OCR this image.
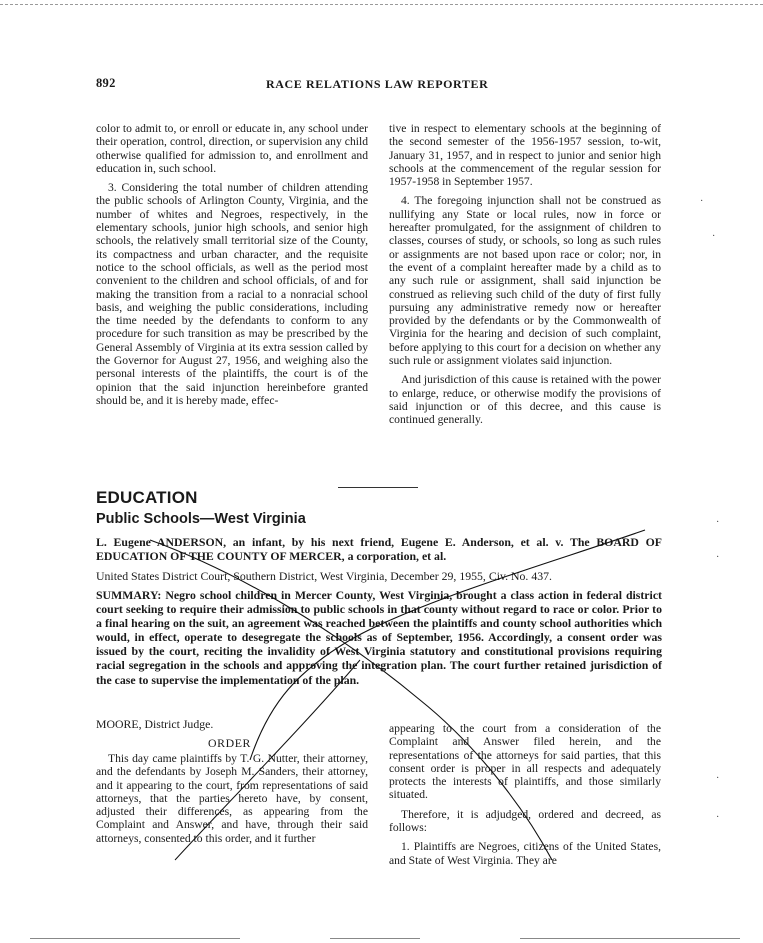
892	RACE RELATIONS LAW REPORTER

color to admit to, or enroll or educate in, any school under their operation, control, direction, or supervision any child otherwise qualified for admission to, and enrollment and education in, such school.

3. Considering the total number of children attending the public schools of Arlington County, Virginia, and the number of whites and Negroes, respectively, in the elementary schools, junior high schools, and senior high schools, the relatively small territorial size of the County, its compactness and urban character, and the requisite notice to the school officials, as well as the period most convenient to the children and school officials, of and for making the transition from a racial to a nonracial school basis, and weighing the public considerations, including the time needed by the defendants to conform to any procedure for such transition as may be prescribed by the General Assembly of Virginia at its extra session called by the Governor for August 27, 1956, and weighing also the personal interests of the plaintiffs, the court is of the opinion that the said injunction hereinbefore granted should be, and it is hereby made, effec-

tive in respect to elementary schools at the beginning of the second semester of the 1956-1957 session, to-wit, January 31, 1957, and in respect to junior and senior high schools at the commencement of the regular session for 1957-1958 in September 1957.

4. The foregoing injunction shall not be construed as nullifying any State or local rules, now in force or hereafter promulgated, for the assignment of children to classes, courses of study, or schools, so long as such rules or assignments are not based upon race or color; nor, in the event of a complaint hereafter made by a child as to any such rule or assignment, shall said injunction be construed as relieving such child of the duty of first fully pursuing any administrative remedy now or hereafter provided by the defendants or by the Commonwealth of Virginia for the hearing and decision of such complaint, before applying to this court for a decision on whether any such rule or assignment violates said injunction.

And jurisdiction of this cause is retained with the power to enlarge, reduce, or otherwise modify the provisions of said injunction or of this decree, and this cause is continued generally.

EDUCATION
Public Schools—West Virginia
L. Eugene ANDERSON, an infant, by his next friend, Eugene E. Anderson, et al. v. The BOARD OF EDUCATION OF THE COUNTY OF MERCER, a corporation, et al.
United States District Court, Southern District, West Virginia, December 29, 1955, Civ. No. 437.
SUMMARY: Negro school children in Mercer County, West Virginia, brought a class action in federal district court seeking to require their admission to public schools in that county without regard to race or color. Prior to a final hearing on the suit, an agreement was reached between the plaintiffs and county school authorities which would, in effect, operate to desegregate the schools as of September, 1956. Accordingly, a consent order was issued by the court, reciting the invalidity of West Virginia statutory and constitutional provisions requiring racial segregation in the schools and approving the integration plan. The court further retained jurisdiction of the case to supervise the implementation of the plan.
MOORE, District Judge.
ORDER

This day came plaintiffs by T. G. Nutter, their attorney, and the defendants by Joseph M. Sanders, their attorney, and it appearing to the court, from representations of said attorneys, that the parties hereto have, by consent, adjusted their differences, as appearing from the Complaint and Answer, and have, through their said attorneys, consented to this order, and it further

appearing to the court from a consideration of the Complaint and Answer filed herein, and the representations of the attorneys for said parties, that this consent order is proper in all respects and adequately protects the interests of plaintiffs, and those similarly situated.

Therefore, it is adjudged, ordered and decreed, as follows:

1. Plaintiffs are Negroes, citizens of the United States, and State of West Virginia. They are

·
·
·
·
·
·
